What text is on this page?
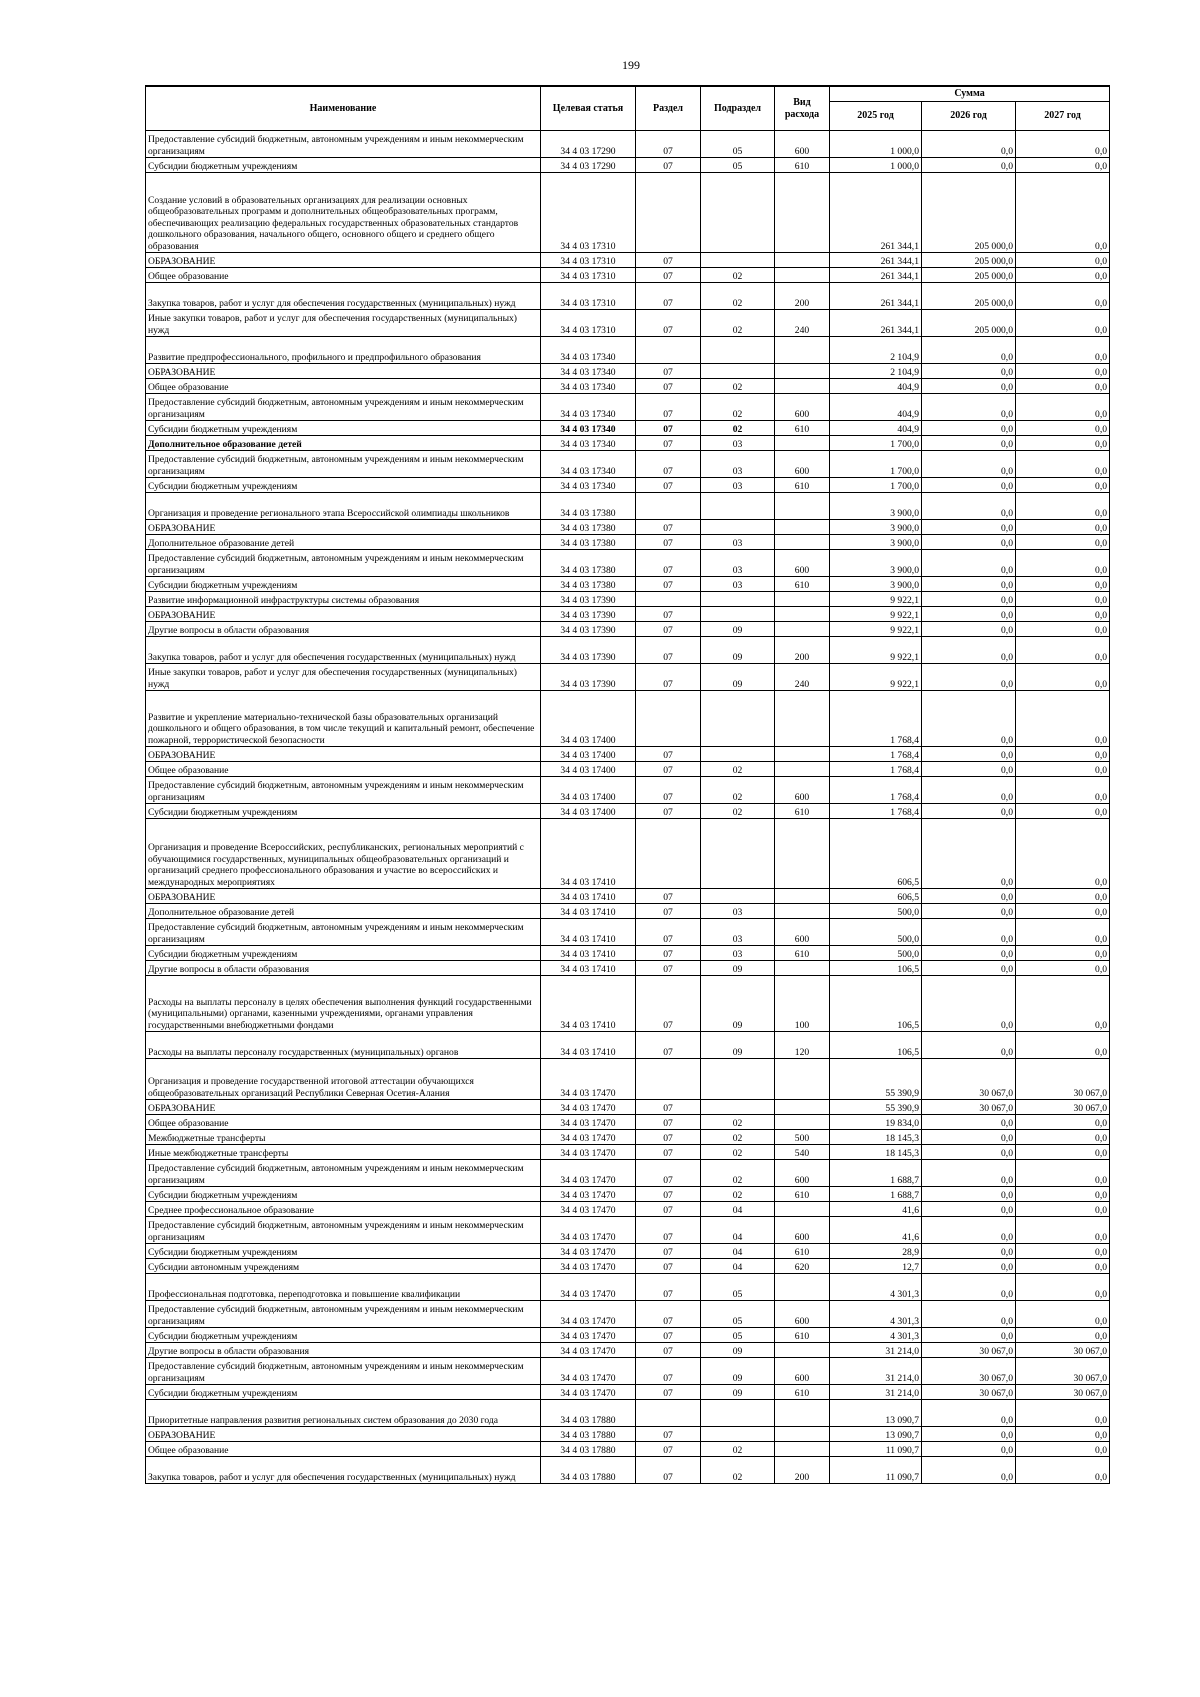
199
Наименование	Целевая статья	Раздел	Подраздел	Вид расхода	Сумма		
					2025 год	2026 год	2027 год
Предоставление субсидий бюджетным, автономным учреждениям и иным некоммерческим организациям	34 4 03 17290	07	05	600	1 000,0	0,0	0,0
Субсидии бюджетным учреждениям	34 4 03 17290	07	05	610	1 000,0	0,0	0,0
Создание условий в образовательных организациях для реализации основных общеобразовательных программ и дополнительных общеобразовательных программ, обеспечивающих реализацию федеральных государственных образовательных стандартов дошкольного образования, начального общего, основного общего и среднего общего образования	34 4 03 17310				261 344,1	205 000,0	0,0
ОБРАЗОВАНИЕ	34 4 03 17310	07			261 344,1	205 000,0	0,0
Общее образование	34 4 03 17310	07	02		261 344,1	205 000,0	0,0
Закупка товаров, работ и услуг для обеспечения государственных (муниципальных) нужд	34 4 03 17310	07	02	200	261 344,1	205 000,0	0,0
Иные закупки товаров, работ и услуг для обеспечения государственных (муниципальных) нужд	34 4 03 17310	07	02	240	261 344,1	205 000,0	0,0
Развитие предпрофессионального, профильного и предпрофильного образования	34 4 03 17340				2 104,9	0,0	0,0
ОБРАЗОВАНИЕ	34 4 03 17340	07			2 104,9	0,0	0,0
Общее образование	34 4 03 17340	07	02		404,9	0,0	0,0
Предоставление субсидий бюджетным, автономным учреждениям и иным некоммерческим организациям	34 4 03 17340	07	02	600	404,9	0,0	0,0
Субсидии бюджетным учреждениям	34 4 03 17340	07	02	610	404,9	0,0	0,0
Дополнительное образование детей	34 4 03 17340	07	03		1 700,0	0,0	0,0
Предоставление субсидий бюджетным, автономным учреждениям и иным некоммерческим организациям	34 4 03 17340	07	03	600	1 700,0	0,0	0,0
Субсидии бюджетным учреждениям	34 4 03 17340	07	03	610	1 700,0	0,0	0,0
Организация и проведение регионального этапа Всероссийской олимпиады школьников	34 4 03 17380				3 900,0	0,0	0,0
ОБРАЗОВАНИЕ	34 4 03 17380	07			3 900,0	0,0	0,0
Дополнительное образование детей	34 4 03 17380	07	03		3 900,0	0,0	0,0
Предоставление субсидий бюджетным, автономным учреждениям и иным некоммерческим организациям	34 4 03 17380	07	03	600	3 900,0	0,0	0,0
Субсидии бюджетным учреждениям	34 4 03 17380	07	03	610	3 900,0	0,0	0,0
Развитие информационной инфраструктуры системы образования	34 4 03 17390				9 922,1	0,0	0,0
ОБРАЗОВАНИЕ	34 4 03 17390	07			9 922,1	0,0	0,0
Другие вопросы в области образования	34 4 03 17390	07	09		9 922,1	0,0	0,0
Закупка товаров, работ и услуг для обеспечения государственных (муниципальных) нужд	34 4 03 17390	07	09	200	9 922,1	0,0	0,0
Иные закупки товаров, работ и услуг для обеспечения государственных (муниципальных) нужд	34 4 03 17390	07	09	240	9 922,1	0,0	0,0
Развитие и укрепление материально-технической базы образовательных организаций дошкольного и общего образования, в том числе текущий и капитальный ремонт, обеспечение пожарной, террористической безопасности	34 4 03 17400				1 768,4	0,0	0,0
ОБРАЗОВАНИЕ	34 4 03 17400	07			1 768,4	0,0	0,0
Общее образование	34 4 03 17400	07	02		1 768,4	0,0	0,0
Предоставление субсидий бюджетным, автономным учреждениям и иным некоммерческим организациям	34 4 03 17400	07	02	600	1 768,4	0,0	0,0
Субсидии бюджетным учреждениям	34 4 03 17400	07	02	610	1 768,4	0,0	0,0
Организация и проведение Всероссийских, республиканских, региональных мероприятий с обучающимися государственных, муниципальных общеобразовательных организаций и организаций среднего профессионального образования и участие во всероссийских и международных мероприятиях	34 4 03 17410				606,5	0,0	0,0
ОБРАЗОВАНИЕ	34 4 03 17410	07			606,5	0,0	0,0
Дополнительное образование детей	34 4 03 17410	07	03		500,0	0,0	0,0
Предоставление субсидий бюджетным, автономным учреждениям и иным некоммерческим организациям	34 4 03 17410	07	03	600	500,0	0,0	0,0
Субсидии бюджетным учреждениям	34 4 03 17410	07	03	610	500,0	0,0	0,0
Другие вопросы в области образования	34 4 03 17410	07	09		106,5	0,0	0,0
Расходы на выплаты персоналу в целях обеспечения выполнения функций государственными (муниципальными) органами, казенными учреждениями, органами управления государственными внебюджетными фондами	34 4 03 17410	07	09	100	106,5	0,0	0,0
Расходы на выплаты персоналу государственных (муниципальных) органов	34 4 03 17410	07	09	120	106,5	0,0	0,0
Организация и проведение государственной итоговой аттестации обучающихся общеобразовательных организаций Республики Северная Осетия-Алания	34 4 03 17470				55 390,9	30 067,0	30 067,0
ОБРАЗОВАНИЕ	34 4 03 17470	07			55 390,9	30 067,0	30 067,0
Общее образование	34 4 03 17470	07	02		19 834,0	0,0	0,0
Межбюджетные трансферты	34 4 03 17470	07	02	500	18 145,3	0,0	0,0
Иные межбюджетные трансферты	34 4 03 17470	07	02	540	18 145,3	0,0	0,0
Предоставление субсидий бюджетным, автономным учреждениям и иным некоммерческим организациям	34 4 03 17470	07	02	600	1 688,7	0,0	0,0
Субсидии бюджетным учреждениям	34 4 03 17470	07	02	610	1 688,7	0,0	0,0
Среднее профессиональное образование	34 4 03 17470	07	04		41,6	0,0	0,0
Предоставление субсидий бюджетным, автономным учреждениям и иным некоммерческим организациям	34 4 03 17470	07	04	600	41,6	0,0	0,0
Субсидии бюджетным учреждениям	34 4 03 17470	07	04	610	28,9	0,0	0,0
Субсидии автономным учреждениям	34 4 03 17470	07	04	620	12,7	0,0	0,0
Профессиональная подготовка, переподготовка и повышение квалификации	34 4 03 17470	07	05		4 301,3	0,0	0,0
Предоставление субсидий бюджетным, автономным учреждениям и иным некоммерческим организациям	34 4 03 17470	07	05	600	4 301,3	0,0	0,0
Субсидии бюджетным учреждениям	34 4 03 17470	07	05	610	4 301,3	0,0	0,0
Другие вопросы в области образования	34 4 03 17470	07	09		31 214,0	30 067,0	30 067,0
Предоставление субсидий бюджетным, автономным учреждениям и иным некоммерческим организациям	34 4 03 17470	07	09	600	31 214,0	30 067,0	30 067,0
Субсидии бюджетным учреждениям	34 4 03 17470	07	09	610	31 214,0	30 067,0	30 067,0
Приоритетные направления развития региональных систем образования до 2030 года	34 4 03 17880				13 090,7	0,0	0,0
ОБРАЗОВАНИЕ	34 4 03 17880	07			13 090,7	0,0	0,0
Общее образование	34 4 03 17880	07	02		11 090,7	0,0	0,0
Закупка товаров, работ и услуг для обеспечения государственных (муниципальных) нужд	34 4 03 17880	07	02	200	11 090,7	0,0	0,0
